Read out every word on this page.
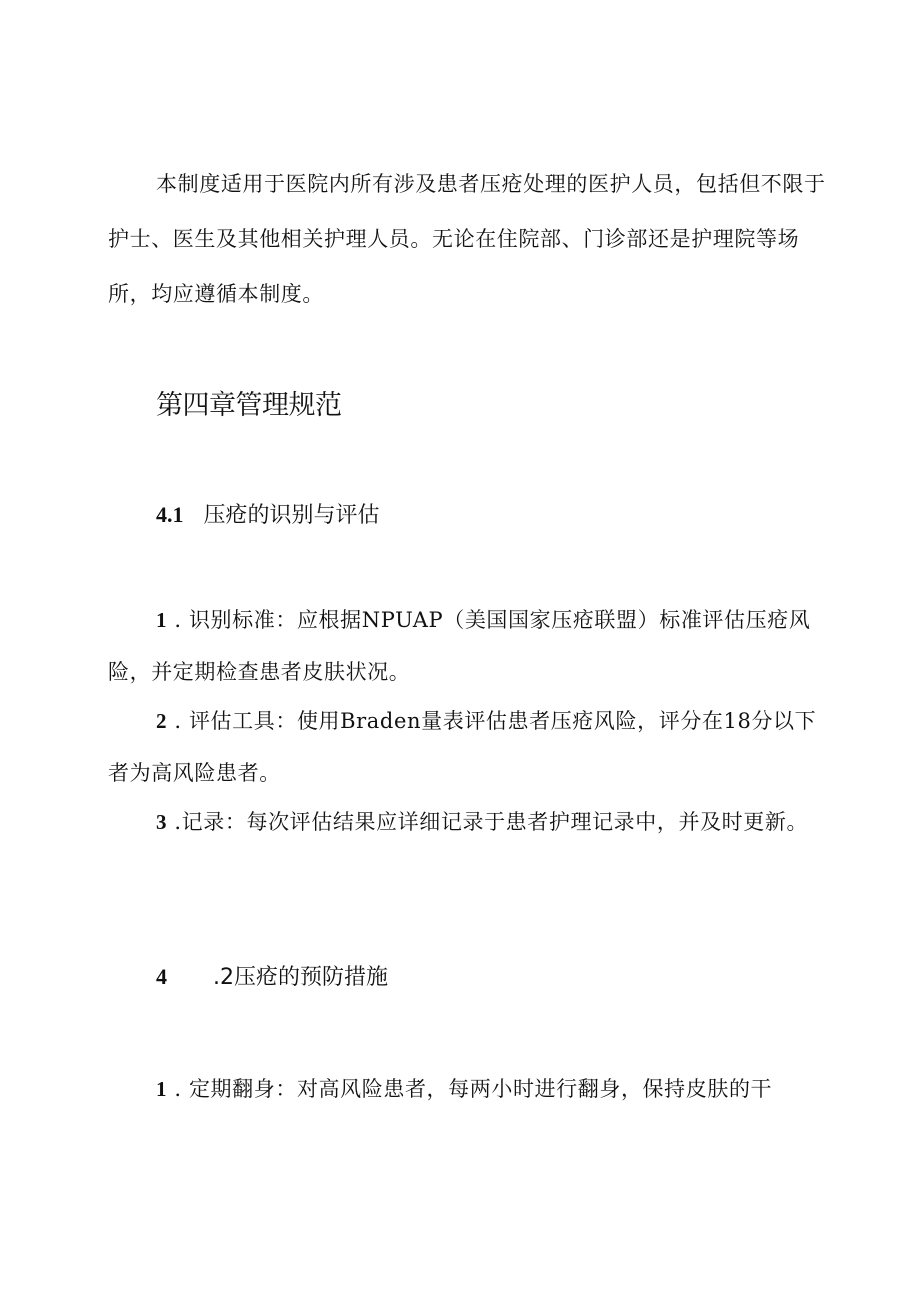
本制度适用于医院内所有涉及患者压疮处理的医护人员，包括但不限于护士、医生及其他相关护理人员。无论在住院部、门诊部还是护理院等场所，均应遵循本制度。

第四章管理规范
4.1 压疮的识别与评估

1 . 识别标准：应根据NPUAP（美国国家压疮联盟）标准评估压疮风险，并定期检查患者皮肤状况。

2 . 评估工具：使用Braden量表评估患者压疮风险，评分在18分以下者为高风险患者。

3 .记录：每次评估结果应详细记录于患者护理记录中，并及时更新。

4 .2压疮的预防措施

1 . 定期翻身：对高风险患者，每两小时进行翻身，保持皮肤的干
